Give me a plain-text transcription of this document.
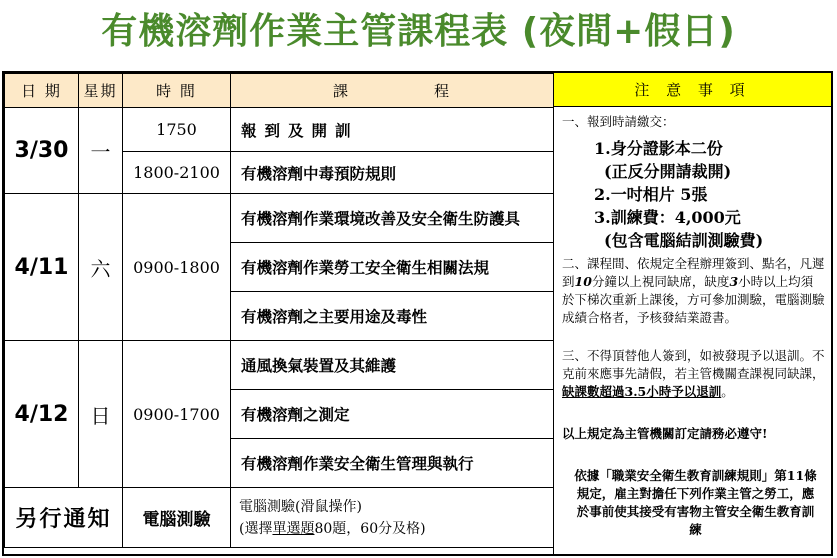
有機溶劑作業主管課程表 (夜間+假日)
日 期	星期	時 間	課 程

3/30	一	1750	報到及開訓
		1800-2100	有機溶劑中毒預防規則
4/11	六	0900-1800	有機溶劑作業環境改善及安全衛生防護具
			有機溶劑作業勞工安全衛生相關法規
			有機溶劑之主要用途及毒性
4/12	日	0900-1700	通風換氣裝置及其維護
			有機溶劑之測定
			有機溶劑作業安全衛生管理與執行
另行通知		電腦測驗	電腦測驗(滑鼠操作)
(選擇單選題80題，60分及格)
注 意 事 項
一、報到時請繳交：
1.身分證影本二份
(正反分開請裁開)
2.一吋相片 5張
3.訓練費：4,000元
(包含電腦結訓測驗費)
二、課程間、依規定全程辦理簽到、點名，凡遲到10分鐘以上視同缺席，缺度3小時以上均須於下梯次重新上課後，方可參加測驗，電腦測驗成績合格者，予核發結業證書。
三、不得頂替他人簽到，如被發現予以退訓。不克前來應事先請假，若主管機關查課視同缺課，缺課數超過3.5小時予以退訓。
以上規定為主管機關訂定請務必遵守!
依據「職業安全衛生教育訓練規則」第11條規定，雇主對擔任下列作業主管之勞工，應於事前使其接受有害物主管安全衛生教育訓練
